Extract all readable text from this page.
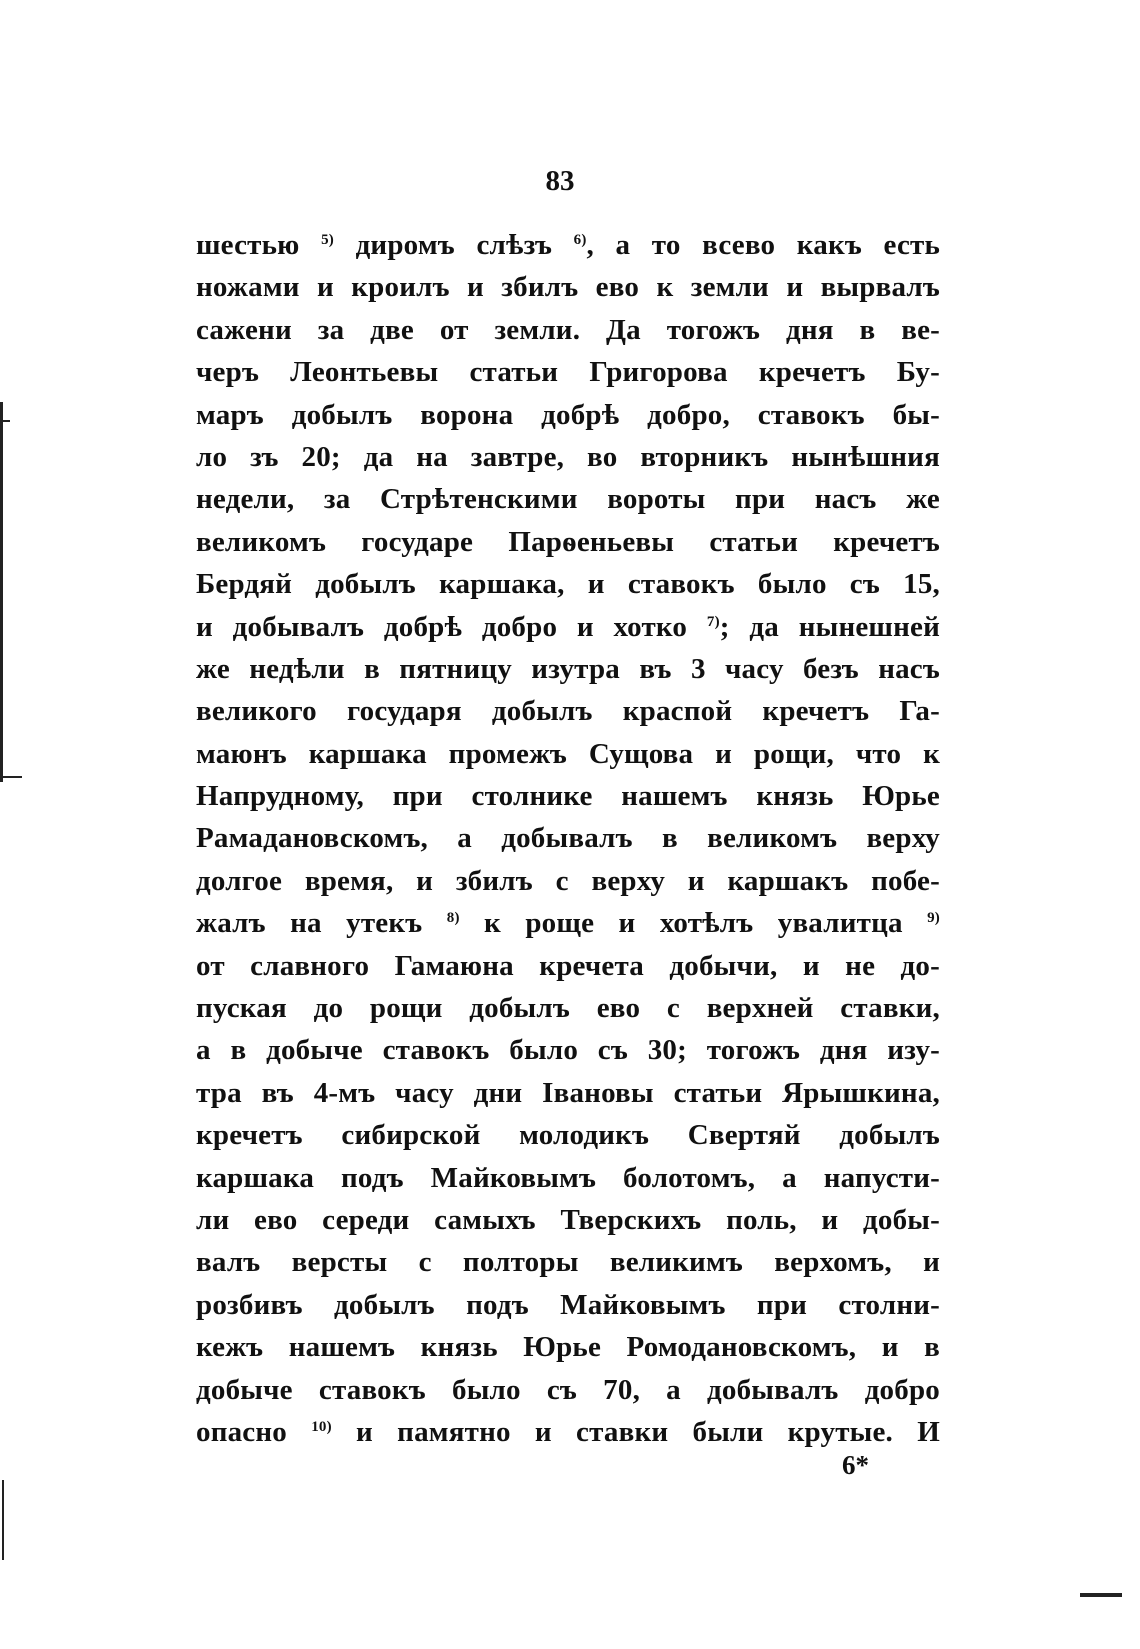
83
шестью $^{5)}$ диромъ слѣзъ $^{6)}$, а то всево какъ есть
ножами и кроилъ и збилъ ево к земли и вырвалъ
сажени за две от земли. Да тогожъ дня в ве-
черъ Леонтьевы статьи Григорова кречетъ Бу-
маръ добылъ ворона добрѣ добро, ставокъ бы-
ло зъ 20; да на завтре, во вторникъ нынѣшния
недели, за Стрѣтенскими вороты при насъ же
великомъ государе Парѳеньевы статьи кречетъ
Бердяй добылъ каршака, и ставокъ было съ 15,
и добывалъ добрѣ добро и хотко $^{7)}$; да нынешней
же недѣли в пятницу изутра въ 3 часу безъ насъ
великого государя добылъ краспой кречетъ Га-
маюнъ каршака промежъ Сущова и рощи, что к
Напрудному, при столнике нашемъ князь Юрье
Рамадановскомъ, а добывалъ в великомъ верху
долгое время, и збилъ с верху и каршакъ побе-
жалъ на утекъ $^{8)}$ к роще и хотѣлъ увалитца $^{9)}$
от славного Гамаюна кречета добычи, и не до-
пуская до рощи добылъ ево с верхней ставки,
а в добыче ставокъ было съ 30; тогожъ дня изу-
тра въ 4-мъ часу дни Івановы статьи Ярышкина,
кречетъ сибирской молодикъ Свертяй добылъ
каршака подъ Майковымъ болотомъ, а напусти-
ли ево середи самыхъ Тверскихъ поль, и добы-
валъ версты с полторы великимъ верхомъ, и
розбивъ добылъ подъ Майковымъ при столни-
кежъ нашемъ князь Юрье Ромодановскомъ, и в
добыче ставокъ было съ 70, а добывалъ добро
опасно $^{10)}$ и памятно и ставки были крутые. И
6*
